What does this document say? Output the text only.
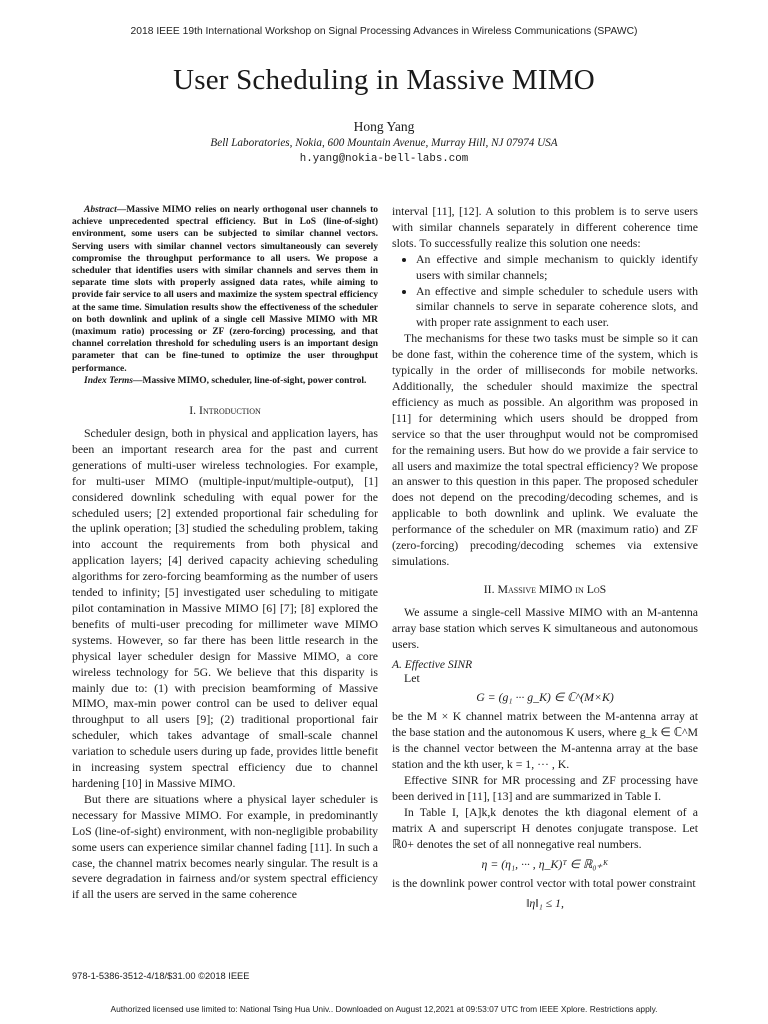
2018 IEEE 19th International Workshop on Signal Processing Advances in Wireless Communications (SPAWC)
User Scheduling in Massive MIMO
Hong Yang
Bell Laboratories, Nokia, 600 Mountain Avenue, Murray Hill, NJ 07974 USA
h.yang@nokia-bell-labs.com

Abstract—Massive MIMO relies on nearly orthogonal user channels to achieve unprecedented spectral efficiency. But in LoS (line-of-sight) environment, some users can be subjected to similar channel vectors. Serving users with similar channel vectors simultaneously can severely compromise the throughput performance to all users. We propose a scheduler that identifies users with similar channels and serves them in separate time slots with properly assigned data rates, while aiming to provide fair service to all users and maximize the system spectral efficiency at the same time. Simulation results show the effectiveness of the scheduler on both downlink and uplink of a single cell Massive MIMO with MR (maximum ratio) processing or ZF (zero-forcing) processing, and that channel correlation threshold for scheduling users is an important design parameter that can be fine-tuned to optimize the user throughput performance.

Index Terms—Massive MIMO, scheduler, line-of-sight, power control.

I. Introduction

Scheduler design, both in physical and application layers, has been an important research area for the past and current generations of multi-user wireless technologies. For example, for multi-user MIMO (multiple-input/multiple-output), [1] considered downlink scheduling with equal power for the scheduled users; [2] extended proportional fair scheduling for the uplink operation; [3] studied the scheduling problem, taking into account the requirements from both physical and application layers; [4] derived capacity achieving scheduling algorithms for zero-forcing beamforming as the number of users tended to infinity; [5] investigated user scheduling to mitigate pilot contamination in Massive MIMO [6] [7]; [8] explored the benefits of multi-user precoding for millimeter wave MIMO systems. However, so far there has been little research in the physical layer scheduler design for Massive MIMO, a core wireless technology for 5G. We believe that this disparity is mainly due to: (1) with precision beamforming of Massive MIMO, max-min power control can be used to deliver equal throughput to all users [9]; (2) traditional proportional fair scheduler, which takes advantage of small-scale channel variation to schedule users during up fade, provides little benefit in increasing system spectral efficiency due to channel hardening [10] in Massive MIMO.

But there are situations where a physical layer scheduler is necessary for Massive MIMO. For example, in predominantly LoS (line-of-sight) environment, with non-negligible probability some users can experience similar channel fading [11]. In such a case, the channel matrix becomes nearly singular. The result is a severe degradation in fairness and/or system spectral efficiency if all the users are served in the same coherence

interval [11], [12]. A solution to this problem is to serve users with similar channels separately in different coherence time slots. To successfully realize this solution one needs:

• An effective and simple mechanism to quickly identify users with similar channels;
• An effective and simple scheduler to schedule users with similar channels to serve in separate coherence slots, and with proper rate assignment to each user.

The mechanisms for these two tasks must be simple so it can be done fast, within the coherence time of the system, which is typically in the order of milliseconds for mobile networks. Additionally, the scheduler should maximize the spectral efficiency as much as possible. An algorithm was proposed in [11] for determining which users should be dropped from service so that the user throughput would not be compromised for the remaining users. But how do we provide a fair service to all users and maximize the total spectral efficiency? We propose an answer to this question in this paper. The proposed scheduler does not depend on the precoding/decoding schemes, and is applicable to both downlink and uplink. We evaluate the performance of the scheduler on MR (maximum ratio) and ZF (zero-forcing) precoding/decoding schemes via extensive simulations.

II. Massive MIMO in LoS

We assume a single-cell Massive MIMO with an M-antenna array base station which serves K simultaneous and autonomous users.

A. Effective SINR

Let

G = (g₁ ··· g_K) ∈ ℂ^(M×K)

be the M × K channel matrix between the M-antenna array at the base station and the autonomous K users, where g_k ∈ ℂ^M is the channel vector between the M-antenna array at the base station and the kth user, k = 1, ··· , K.

Effective SINR for MR processing and ZF processing have been derived in [11], [13] and are summarized in Table I.

In Table I, [A]k,k denotes the kth diagonal element of a matrix A and superscript H denotes conjugate transpose. Let ℝ0+ denotes the set of all nonnegative real numbers.

η = (η₁, ··· , η_K)ᵀ ∈ ℝ₀₊ᴷ

is the downlink power control vector with total power constraint

‖η‖₁ ≤ 1,
978-1-5386-3512-4/18/$31.00 ©2018 IEEE
Authorized licensed use limited to: National Tsing Hua Univ.. Downloaded on August 12,2021 at 09:53:07 UTC from IEEE Xplore. Restrictions apply.
